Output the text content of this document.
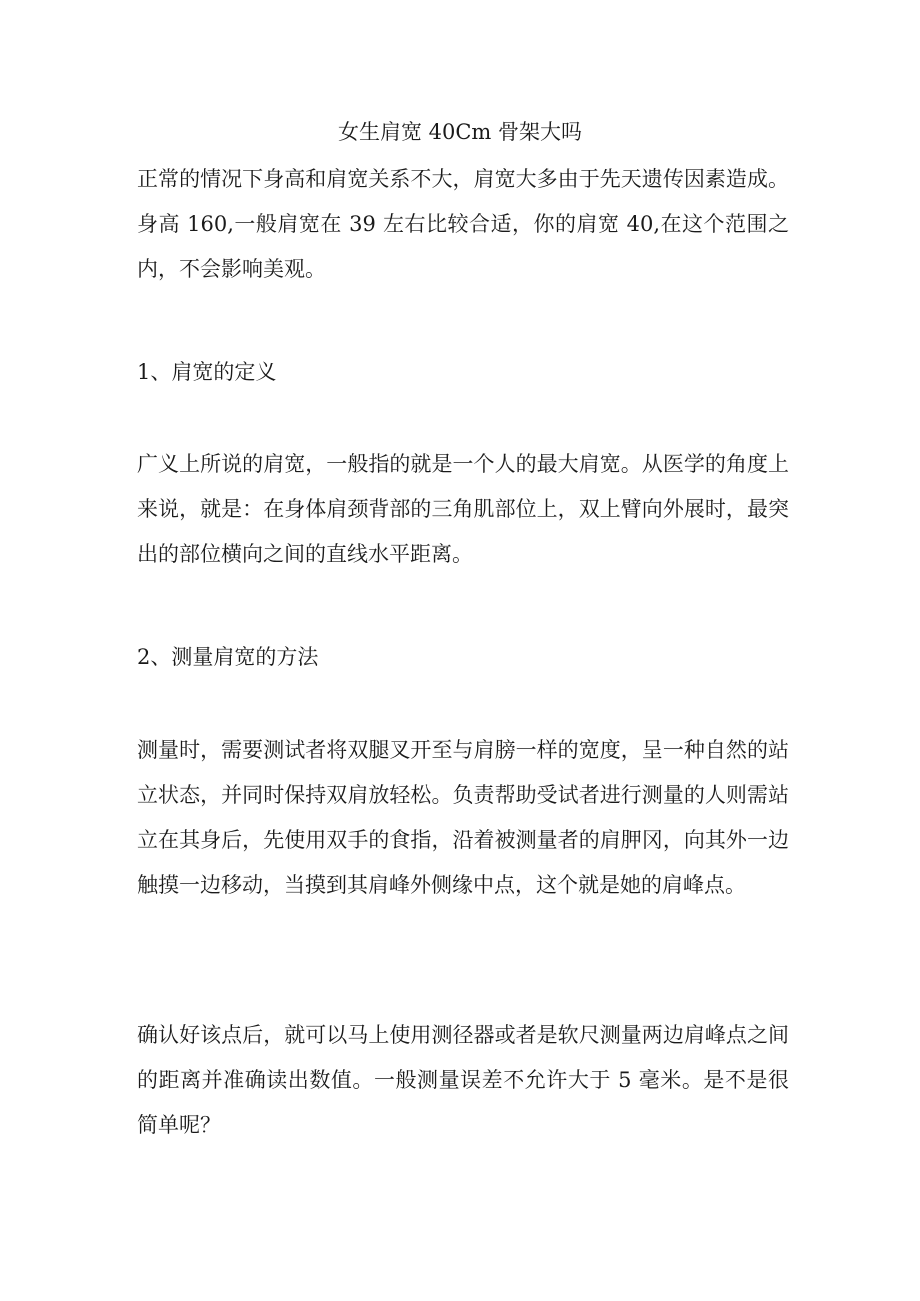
女生肩宽 40Cm 骨架大吗

正常的情况下身高和肩宽关系不大，肩宽大多由于先天遗传因素造成。身高 160,一般肩宽在 39 左右比较合适，你的肩宽 40,在这个范围之内，不会影响美观。

1、肩宽的定义

广义上所说的肩宽，一般指的就是一个人的最大肩宽。从医学的角度上来说，就是：在身体肩颈背部的三角肌部位上，双上臂向外展时，最突出的部位横向之间的直线水平距离。

2、测量肩宽的方法

测量时，需要测试者将双腿叉开至与肩膀一样的宽度，呈一种自然的站立状态，并同时保持双肩放轻松。负责帮助受试者进行测量的人则需站立在其身后，先使用双手的食指，沿着被测量者的肩胛冈，向其外一边触摸一边移动，当摸到其肩峰外侧缘中点，这个就是她的肩峰点。

确认好该点后，就可以马上使用测径器或者是软尺测量两边肩峰点之间的距离并准确读出数值。一般测量误差不允许大于 5 毫米。是不是很简单呢？
